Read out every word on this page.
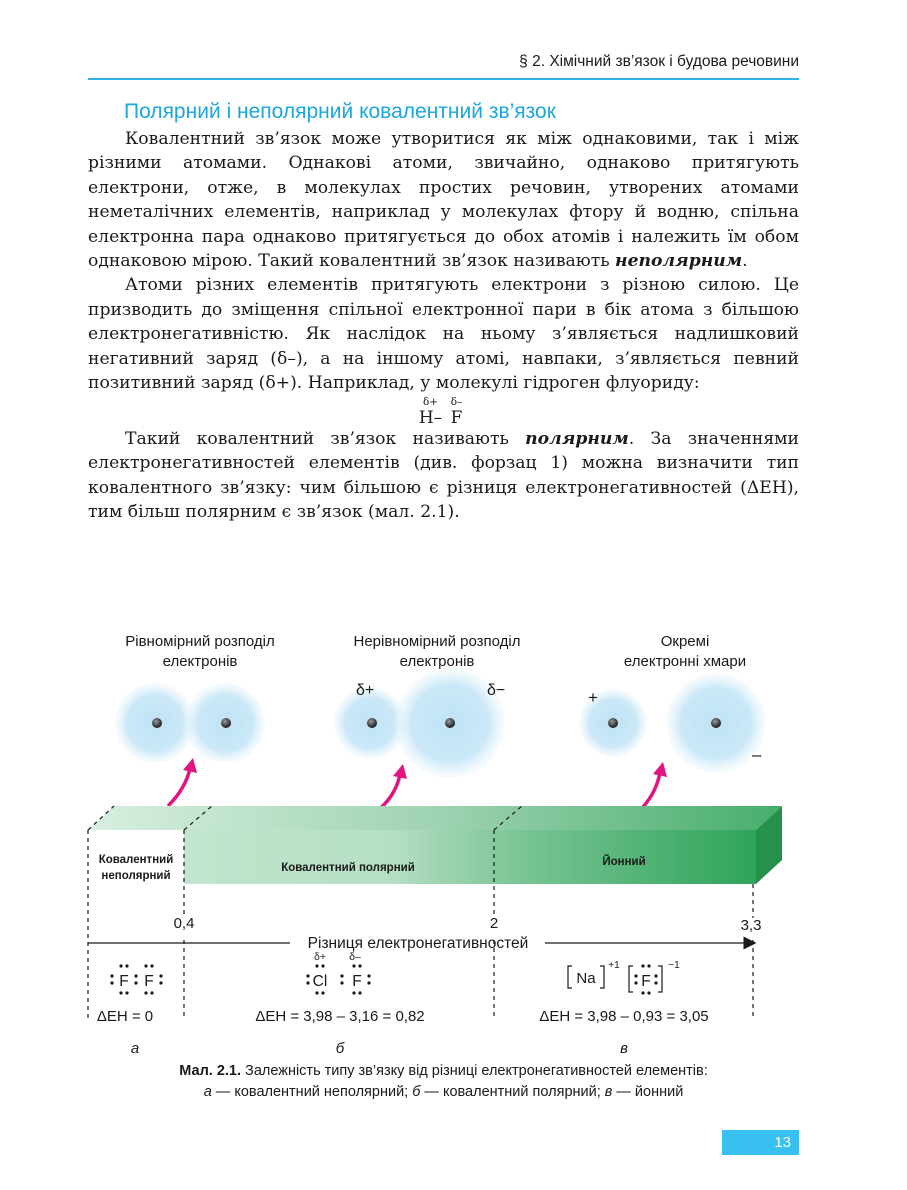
§ 2. Хімічний зв’язок і будова речовини
Полярний і неполярний ковалентний зв’язок

Ковалентний зв’язок може утворитися як між однаковими, так і між різними атомами. Однакові атоми, звичайно, однаково притягують електрони, отже, в молекулах простих речовин, утворених атомами неметалічних елементів, наприклад у молекулах фтору й водню, спільна електронна пара однаково притягується до обох атомів і належить їм обом однаковою мірою. Такий ковалентний зв’язок називають неполярним.

Атоми різних елементів притягують електрони з різною силою. Це призводить до зміщення спільної електронної пари в бік атома з більшою електронегативністю. Як наслідок на ньому з’являється надлишковий негативний заряд (δ–), а на іншому атомі, навпаки, з’являється певний позитивний заряд (δ+). Наприклад, у молекулі гідроген флуориду:

δ+ δ–
H– F

Такий ковалентний зв’язок називають полярним. За значеннями електронегативностей елементів (див. форзац 1) можна визначити тип ковалентного зв’язку: чим більшою є різниця електронегативностей (ΔЕН), тим більш полярним є зв’язок (мал. 2.1).

Рівномірний розподіл
електронів
Нерівномірний розподіл
електронів
Окремі
електронні хмари
δ+	δ−	+
–
Ковалентний
неполярний
Ковалентний полярний	Йонний
0,4	2	3,3
Різниця електронегативностей
F F
δ+ δ–
Cl F	Na
+1
F
−1
ΔЕН = 0	ΔЕН = 3,98 – 3,16 = 0,82	ΔЕН = 3,98 – 0,93 = 3,05
а	б	в
Мал. 2.1. Залежність типу зв’язку від різниці електронегативностей елементів:
а — ковалентний неполярний; б — ковалентний полярний; в — йонний
13
